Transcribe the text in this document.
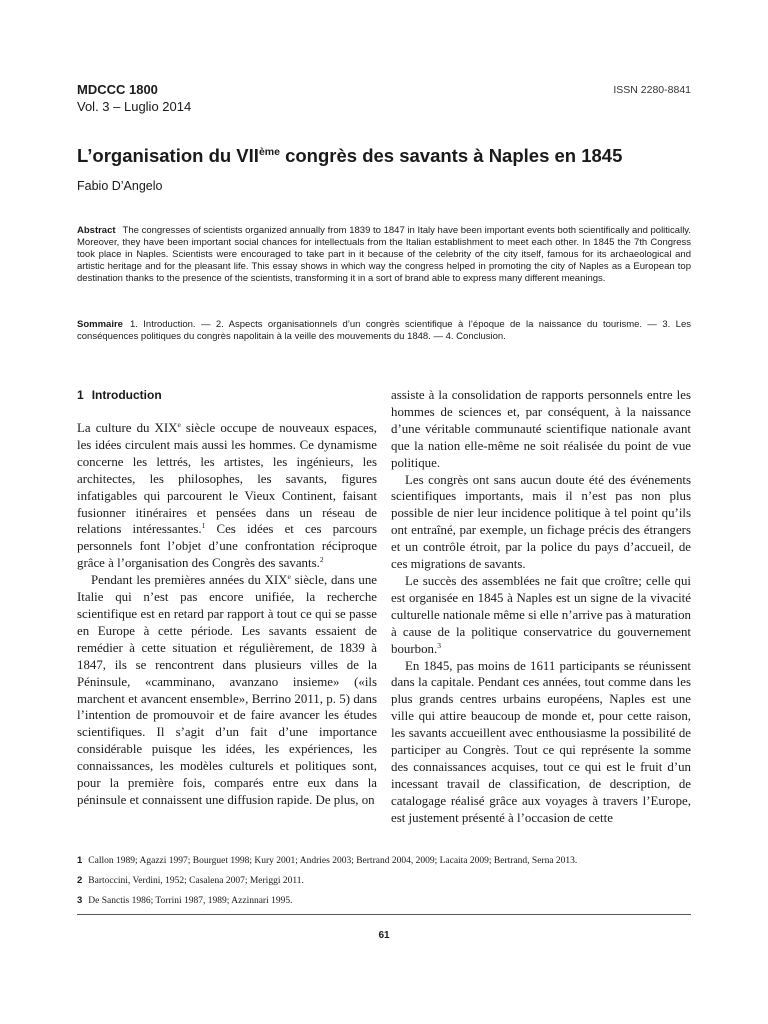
MDCCC 1800
Vol. 3 – Luglio 2014
ISSN 2280-8841
L’organisation du VIIème congrès des savants à Naples en 1845
Fabio D’Angelo

Abstract The congresses of scientists organized annually from 1839 to 1847 in Italy have been important events both scientifically and politically. Moreover, they have been important social chances for intellectuals from the Italian establishment to meet each other. In 1845 the 7th Congress took place in Naples. Scientists were encouraged to take part in it because of the celebrity of the city itself, famous for its archaeological and artistic heritage and for the pleasant life. This essay shows in which way the congress helped in promoting the city of Naples as a European top destination thanks to the presence of the scientists, transforming it in a sort of brand able to express many different meanings.

Sommaire 1. Introduction. — 2. Aspects organisationnels d’un congrès scientifique à l’époque de la naissance du tourisme. — 3. Les conséquences politiques du congrès napolitain à la veille des mouvements du 1848. — 4. Conclusion.

1 Introduction

La culture du XIXe siècle occupe de nouveaux espaces, les idées circulent mais aussi les hommes. Ce dynamisme concerne les lettrés, les artistes, les ingénieurs, les architectes, les philosophes, les savants, figures infatigables qui parcourent le Vieux Continent, faisant fusionner itinéraires et pensées dans un réseau de relations intéressantes.$^1$ Ces idées et ces parcours personnels font l’objet d’une confrontation réciproque grâce à l’organisation des Congrès des savants.$^2$

Pendant les premières années du XIXe siècle, dans une Italie qui n’est pas encore unifiée, la recherche scientifique est en retard par rapport à tout ce qui se passe en Europe à cette période. Les savants essaient de remédier à cette situation et régulièrement, de 1839 à 1847, ils se rencontrent dans plusieurs villes de la Péninsule, «camminano, avanzano insieme» («ils marchent et avancent ensemble», Berrino 2011, p. 5) dans l’intention de promouvoir et de faire avancer les études scientifiques. Il s’agit d’un fait d’une importance considérable puisque les idées, les expériences, les connaissances, les modèles culturels et politiques sont, pour la première fois, comparés entre eux dans la péninsule et connaissent une diffusion rapide. De plus, on

assiste à la consolidation de rapports personnels entre les hommes de sciences et, par conséquent, à la naissance d’une véritable communauté scientifique nationale avant que la nation elle-même ne soit réalisée du point de vue politique.

Les congrès ont sans aucun doute été des événements scientifiques importants, mais il n’est pas non plus possible de nier leur incidence politique à tel point qu’ils ont entraîné, par exemple, un fichage précis des étrangers et un contrôle étroit, par la police du pays d’accueil, de ces migrations de savants.

Le succès des assemblées ne fait que croître; celle qui est organisée en 1845 à Naples est un signe de la vivacité culturelle nationale même si elle n’arrive pas à maturation à cause de la politique conservatrice du gouvernement bourbon.$^3$

En 1845, pas moins de 1611 participants se réunissent dans la capitale. Pendant ces années, tout comme dans les plus grands centres urbains européens, Naples est une ville qui attire beaucoup de monde et, pour cette raison, les savants accueillent avec enthousiasme la possibilité de participer au Congrès. Tout ce qui représente la somme des connaissances acquises, tout ce qui est le fruit d’un incessant travail de classification, de description, de catalogage réalisé grâce aux voyages à travers l’Europe, est justement présenté à l’occasion de cette

1 Callon 1989; Agazzi 1997; Bourguet 1998; Kury 2001; Andries 2003; Bertrand 2004, 2009; Lacaita 2009; Bertrand, Serna 2013.
2 Bartoccini, Verdini, 1952; Casalena 2007; Meriggi 2011.
3 De Sanctis 1986; Torrini 1987, 1989; Azzinnari 1995.
61
